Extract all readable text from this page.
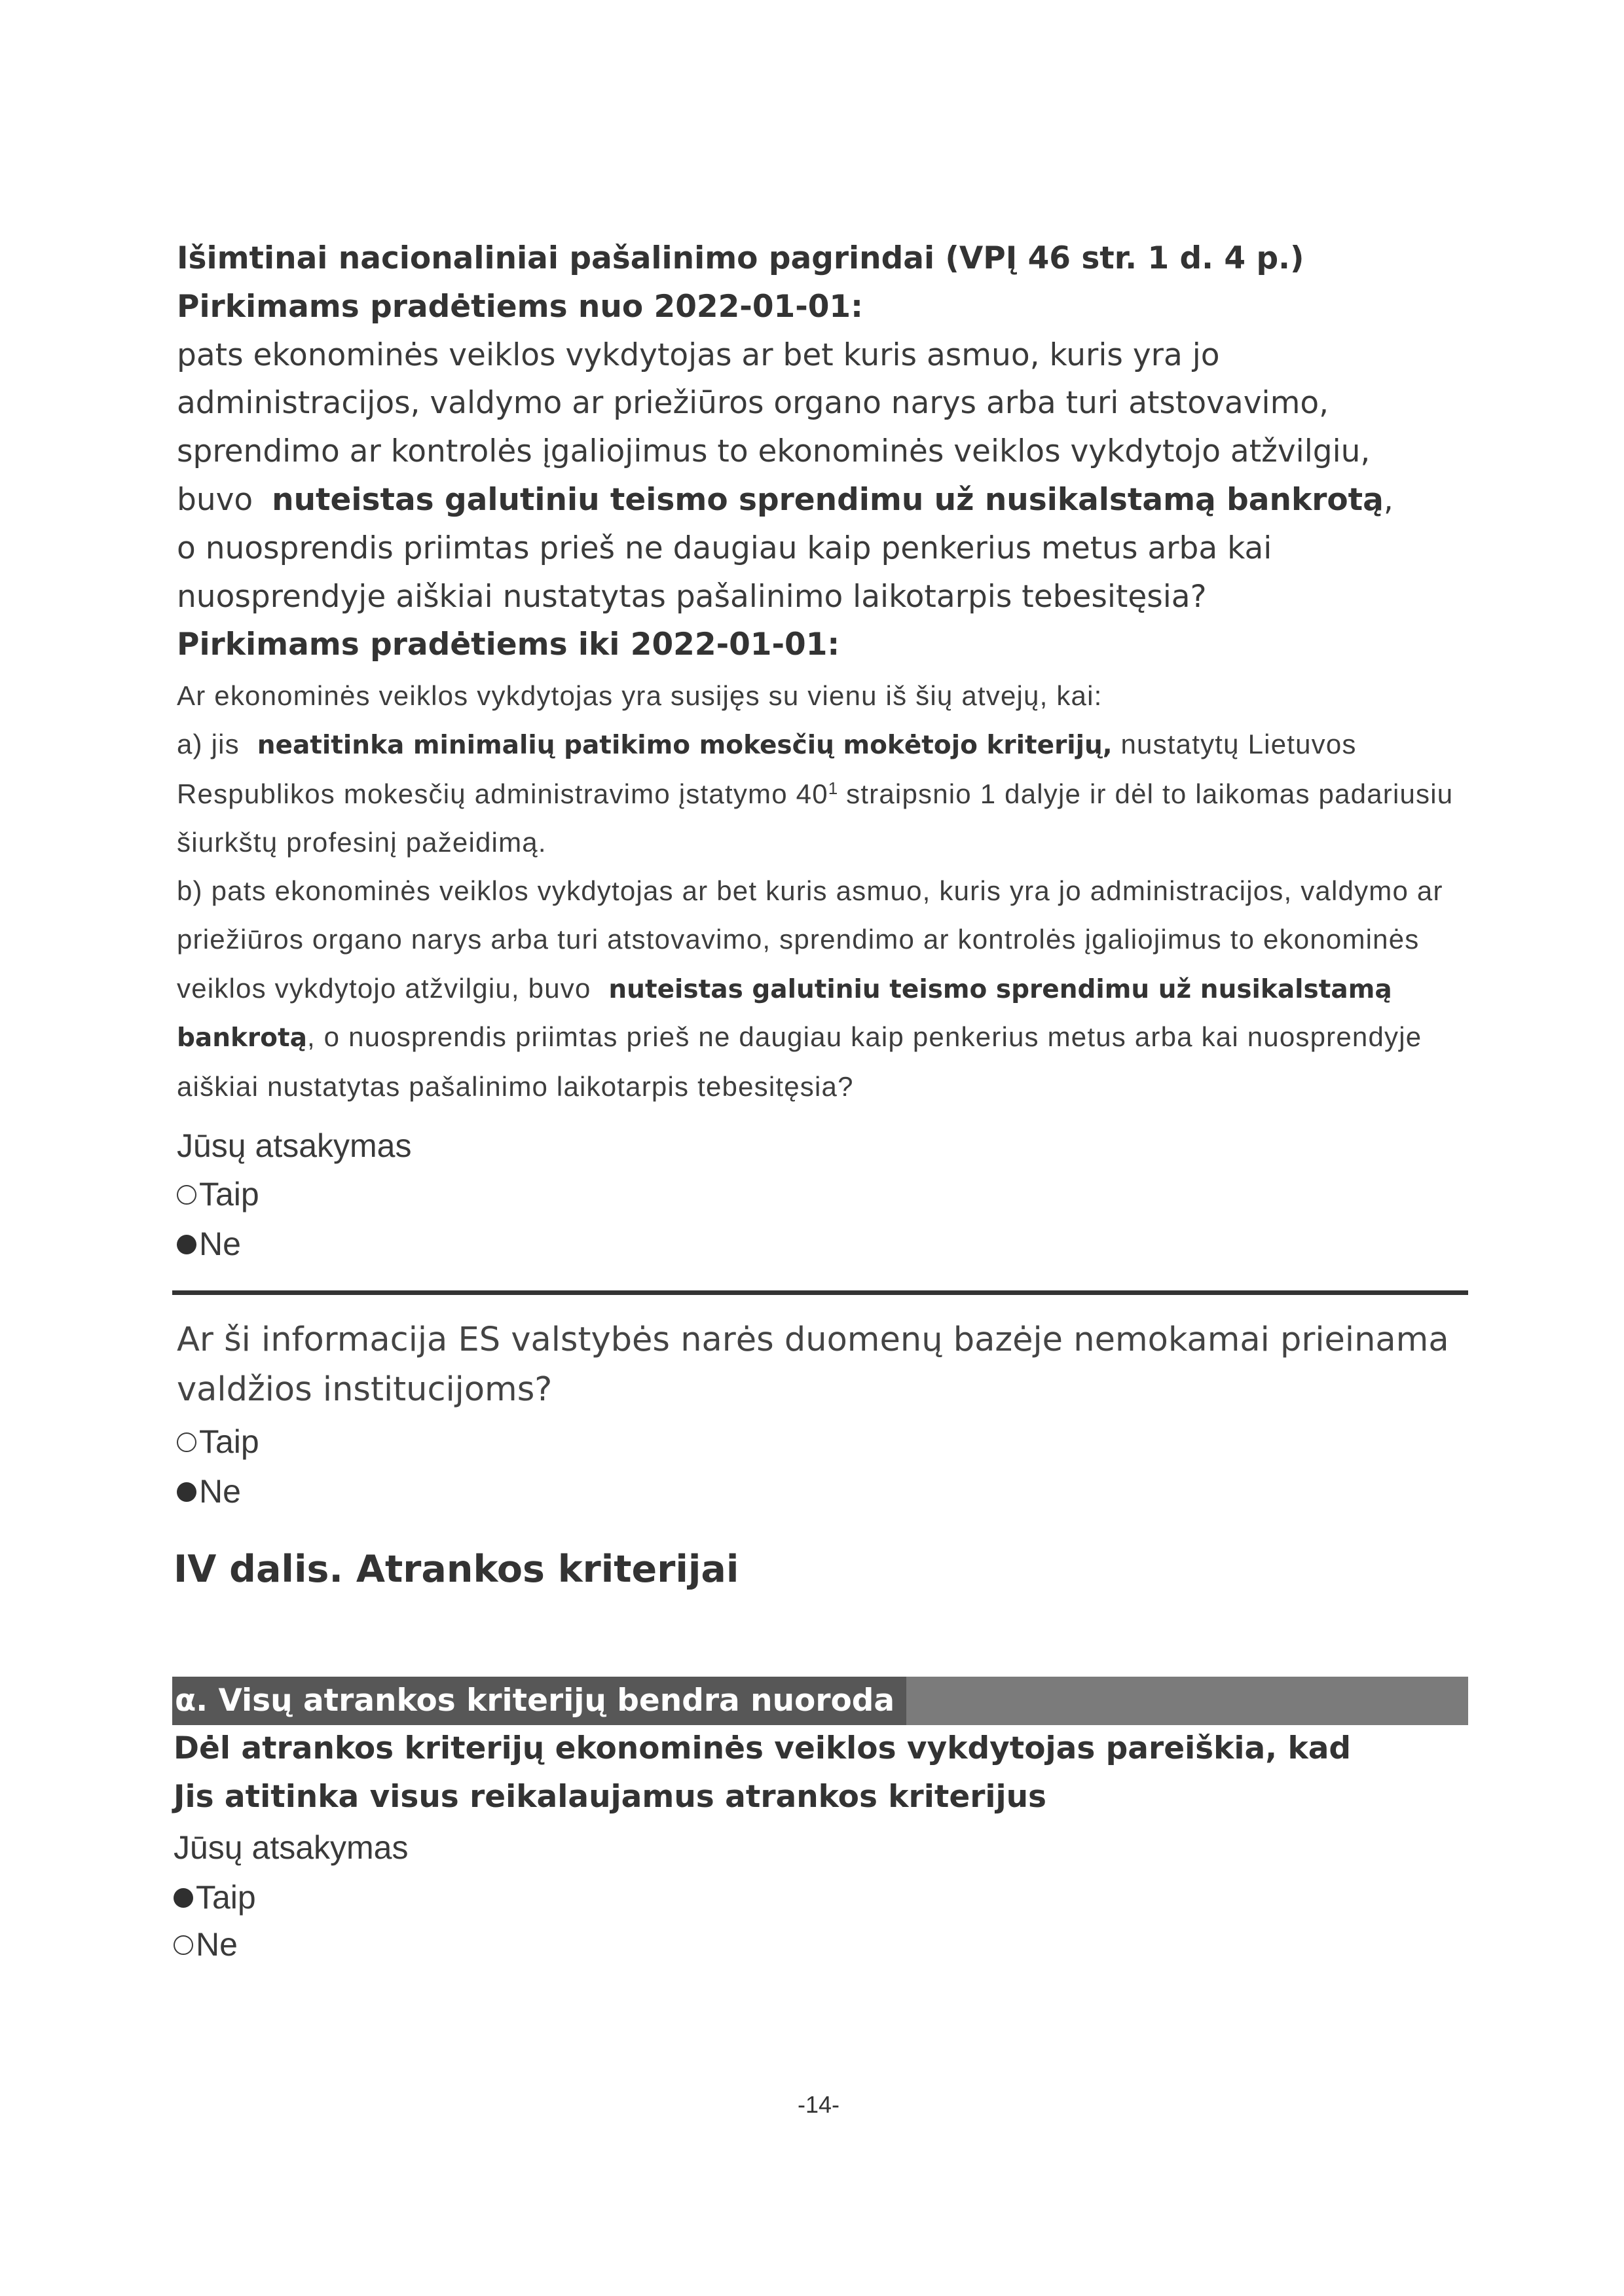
Išimtinai nacionaliniai pašalinimo pagrindai (VPĮ 46 str. 1 d. 4 p.)
Pirkimams pradėtiems nuo 2022-01-01:
pats ekonominės veiklos vykdytojas ar bet kuris asmuo, kuris yra jo
administracijos, valdymo ar priežiūros organo narys arba turi atstovavimo,
sprendimo ar kontrolės įgaliojimus to ekonominės veiklos vykdytojo atžvilgiu,
buvo nuteistas galutiniu teismo sprendimu už nusikalstamą bankrotą,
o nuosprendis priimtas prieš ne daugiau kaip penkerius metus arba kai
nuosprendyje aiškiai nustatytas pašalinimo laikotarpis tebesitęsia?
Pirkimams pradėtiems iki 2022-01-01:
Ar ekonominės veiklos vykdytojas yra susijęs su vienu iš šių atvejų, kai:
a) jis neatitinka minimalių patikimo mokesčių mokėtojo kriterijų, nustatytų Lietuvos
Respublikos mokesčių administravimo įstatymo $40^1$ straipsnio 1 dalyje ir dėl to laikomas padariusiu
šiurkštų profesinį pažeidimą.
b) pats ekonominės veiklos vykdytojas ar bet kuris asmuo, kuris yra jo administracijos, valdymo ar
priežiūros organo narys arba turi atstovavimo, sprendimo ar kontrolės įgaliojimus to ekonominės
veiklos vykdytojo atžvilgiu, buvo nuteistas galutiniu teismo sprendimu už nusikalstamą
bankrotą, o nuosprendis priimtas prieš ne daugiau kaip penkerius metus arba kai nuosprendyje
aiškiai nustatytas pašalinimo laikotarpis tebesitęsia?
Jūsų atsakymas
Taip
Ne
Ar ši informacija ES valstybės narės duomenų bazėje nemokamai prieinama
valdžios institucijoms?
Taip
Ne
IV dalis. Atrankos kriterijai
α. Visų atrankos kriterijų bendra nuoroda
Dėl atrankos kriterijų ekonominės veiklos vykdytojas pareiškia, kad
Jis atitinka visus reikalaujamus atrankos kriterijus
Jūsų atsakymas
Taip
Ne
-14-
